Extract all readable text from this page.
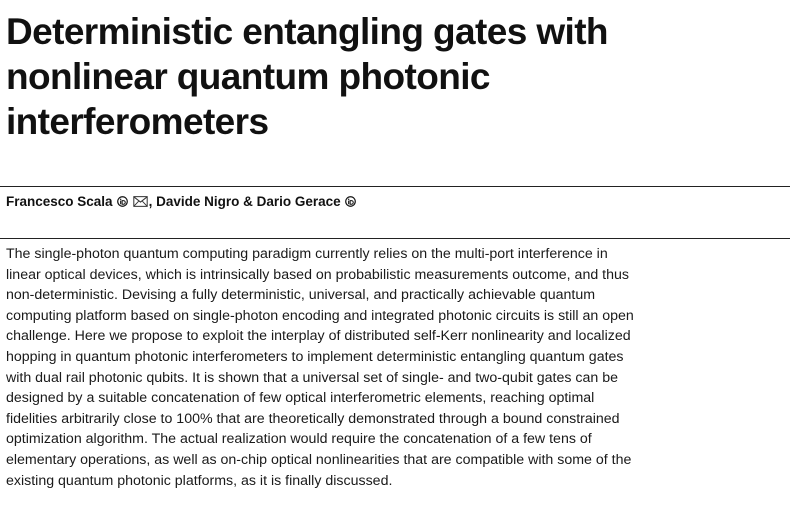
Deterministic entangling gates with
nonlinear quantum photonic
interferometers
Francesco Scala	, Davide Nigro & Dario Gerace

The single-photon quantum computing paradigm currently relies on the multi-port interference in
linear optical devices, which is intrinsically based on probabilistic measurements outcome, and thus
non-deterministic. Devising a fully deterministic, universal, and practically achievable quantum
computing platform based on single-photon encoding and integrated photonic circuits is still an open
challenge. Here we propose to exploit the interplay of distributed self-Kerr nonlinearity and localized
hopping in quantum photonic interferometers to implement deterministic entangling quantum gates
with dual rail photonic qubits. It is shown that a universal set of single- and two-qubit gates can be
designed by a suitable concatenation of few optical interferometric elements, reaching optimal
fidelities arbitrarily close to 100% that are theoretically demonstrated through a bound constrained
optimization algorithm. The actual realization would require the concatenation of a few tens of
elementary operations, as well as on-chip optical nonlinearities that are compatible with some of the
existing quantum photonic platforms, as it is finally discussed.
